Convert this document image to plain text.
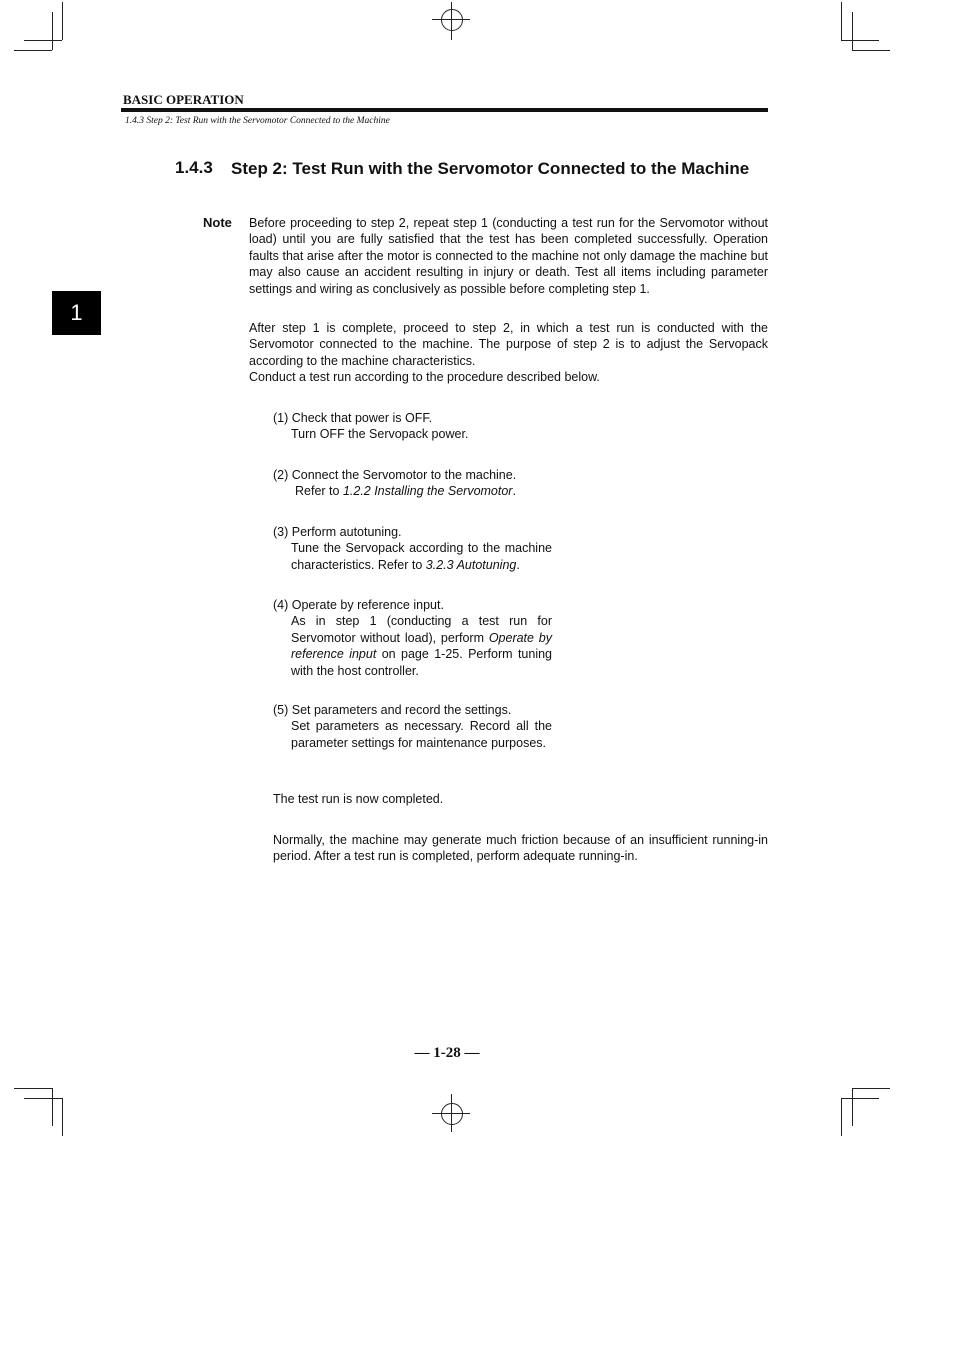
BASIC OPERATION
1.4.3 Step 2: Test Run with the Servomotor Connected to the Machine
1
1.4.3 Step 2: Test Run with the Servomotor Connected to the Machine
Note Before proceeding to step 2, repeat step 1 (conducting a test run for the Servomotor without load) until you are fully satisfied that the test has been completed successfully. Operation faults that arise after the motor is connected to the machine not only damage the machine but may also cause an accident resulting in injury or death. Test all items including parameter settings and wiring as conclusively as possible before completing step 1.

After step 1 is complete, proceed to step 2, in which a test run is conducted with the Servomotor connected to the machine. The purpose of step 2 is to adjust the Servopack according to the machine characteristics.

Conduct a test run according to the procedure described below.

(1) Check that power is OFF.
Turn OFF the Servopack power.
(2) Connect the Servomotor to the machine.
Refer to 1.2.2 Installing the Servomotor.
(3) Perform autotuning.
Tune the Servopack according to the machine characteristics. Refer to 3.2.3 Autotuning.
(4) Operate by reference input.
As in step 1 (conducting a test run for Servomotor without load), perform Operate by reference input on page 1-25. Perform tuning with the host controller.
(5) Set parameters and record the settings.
Set parameters as necessary. Record all the parameter settings for maintenance purposes.
The test run is now completed.
Normally, the machine may generate much friction because of an insufficient running-in period. After a test run is completed, perform adequate running-in.
— 1-28 —
